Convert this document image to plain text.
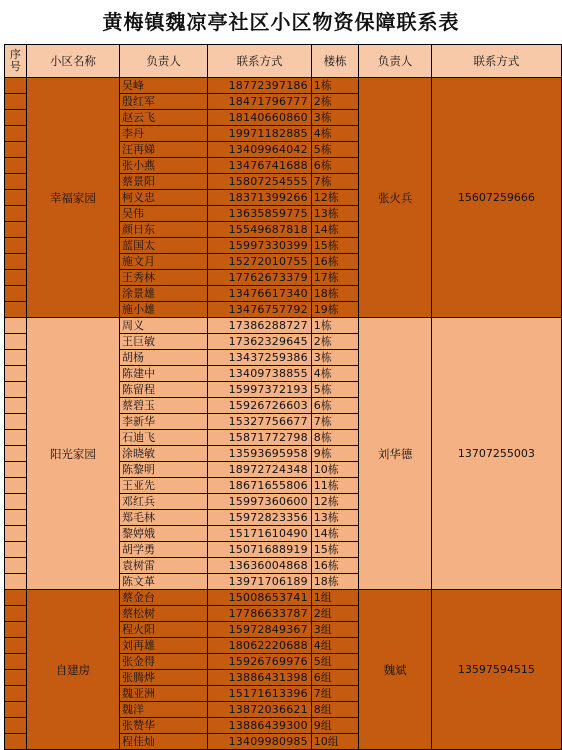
黄梅镇魏凉亭社区小区物资保障联系表
序号	小区名称	负责人	联系方式	楼栋	负责人	联系方式
	幸福家园	吴峰	18772397186	1栋	张火兵	15607259666
		殷红军	18471796777	2栋		
		赵云飞	18140660860	3栋		
		李丹	19971182885	4栋		
		汪再娣	13409964042	5栋		
		张小燕	13476741688	6栋		
		蔡景阳	15807254555	7栋		
		柯义忠	18371399266	12栋		
		吴伟	13635859775	13栋		
		颜日东	15549687818	14栋		
		蓝国太	15997330399	15栋		
		施文月	15272010755	16栋		
		王秀林	17762673379	17栋		
		涂景雄	13476617340	18栋		
		施小雄	13476757792	19栋		
	阳光家园	周义	17386288727	1栋	刘华德	13707255003
		王巨敏	17362329645	2栋		
		胡杨	13437259386	3栋		
		陈建中	13409738855	4栋		
		陈留程	15997372193	5栋		
		蔡碧玉	15926726603	6栋		
		李新华	15327756677	7栋		
		石迪飞	15871772798	8栋		
		涂晓敏	13593695958	9栋		
		陈黎明	18972724348	10栋		
		王亚先	18671655806	11栋		
		邓红兵	15997360600	12栋		
		郑毛林	15972823356	13栋		
		黎婷娥	15171610490	14栋		
		胡学勇	15071688919	15栋		
		袁树雷	13636004868	16栋		
		陈文革	13971706189	18栋		
	自建房	蔡金台	15008653741	1组	魏斌	13597594515
		蔡松树	17786633787	2组		
		程火阳	15972849367	3组		
		刘再雄	18062220688	4组		
		张金得	15926769976	5组		
		张腾烨	13886431398	6组		
		魏亚洲	15171613396	7组		
		魏洋	13872036621	8组		
		张赞华	13886439300	9组		
		程佳灿	13409980985	10组		
